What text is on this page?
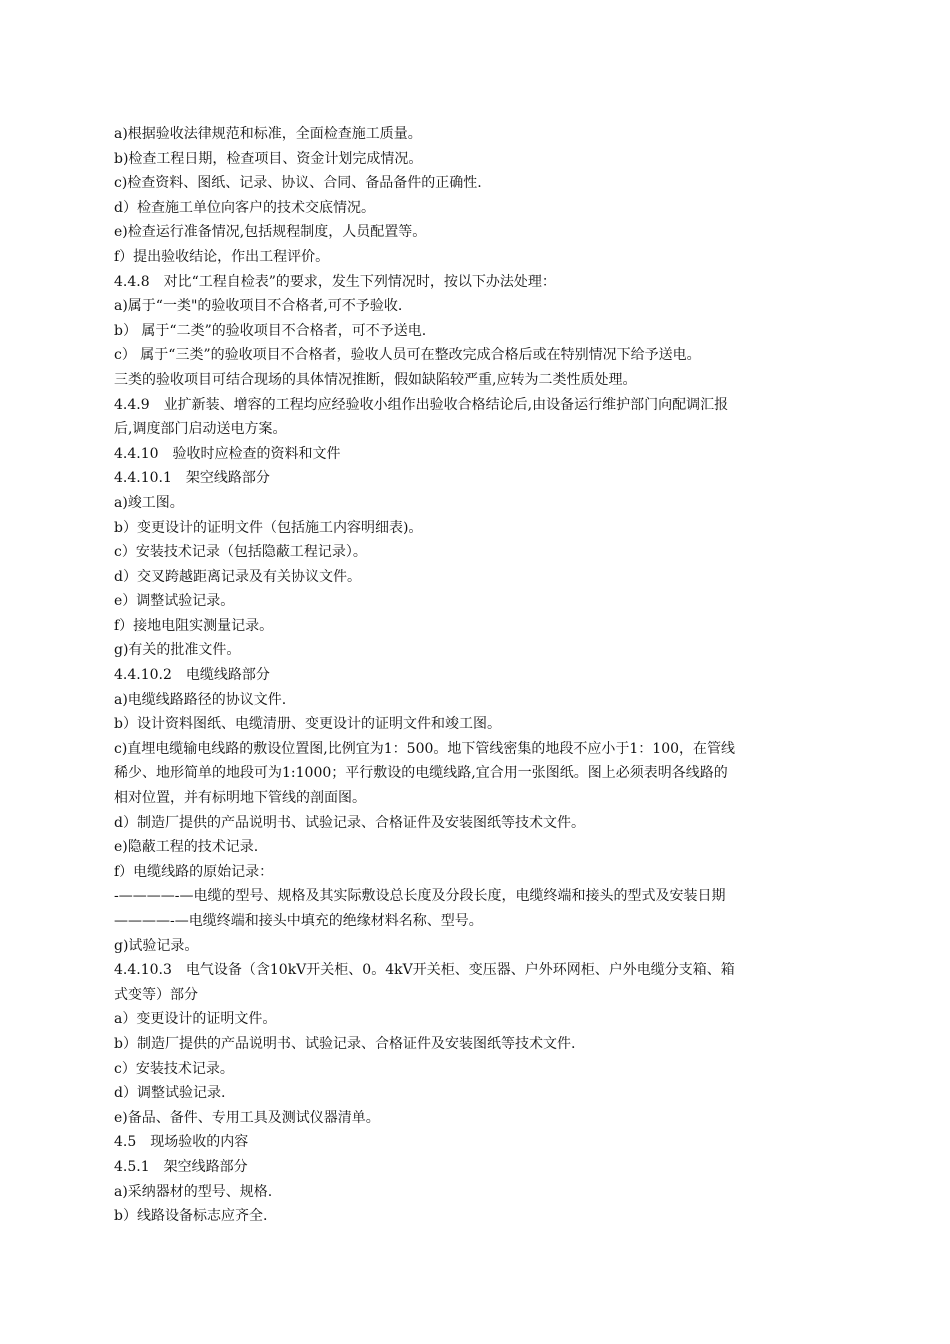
a)根据验收法律规范和标准，全面检查施工质量。
b)检查工程日期，检查项目、资金计划完成情况。
c)检查资料、图纸、记录、协议、合同、备品备件的正确性.
d）检查施工单位向客户的技术交底情况。
e)检查运行准备情况,包括规程制度，人员配置等。
f）提出验收结论，作出工程评价。
4.4.8　对比“工程自检表”的要求，发生下列情况时，按以下办法处理：
a)属于“一类"的验收项目不合格者,可不予验收.
b） 属于“二类”的验收项目不合格者，可不予送电.
c） 属于“三类”的验收项目不合格者，验收人员可在整改完成合格后或在特别情况下给予送电。
三类的验收项目可结合现场的具体情况推断，假如缺陷较严重,应转为二类性质处理。
4.4.9　业扩新装、增容的工程均应经验收小组作出验收合格结论后,由设备运行维护部门向配调汇报
后,调度部门启动送电方案。
4.4.10　验收时应检查的资料和文件
4.4.10.1　架空线路部分
a)竣工图。
b）变更设计的证明文件（包括施工内容明细表)。
c）安装技术记录（包括隐蔽工程记录）。
d）交叉跨越距离记录及有关协议文件。
e）调整试验记录。
f）接地电阻实测量记录。
g)有关的批准文件。
4.4.10.2　电缆线路部分
a)电缆线路路径的协议文件.
b）设计资料图纸、电缆清册、变更设计的证明文件和竣工图。
c)直埋电缆输电线路的敷设位置图,比例宜为1：500。地下管线密集的地段不应小于1：100，在管线
稀少、地形简单的地段可为1:1000；平行敷设的电缆线路,宜合用一张图纸。图上必须表明各线路的
相对位置，并有标明地下管线的剖面图。
d）制造厂提供的产品说明书、试验记录、合格证件及安装图纸等技术文件。
e)隐蔽工程的技术记录.
f）电缆线路的原始记录：
-————-—电缆的型号、规格及其实际敷设总长度及分段长度，电缆终端和接头的型式及安装日期
————-—电缆终端和接头中填充的绝缘材料名称、型号。
g)试验记录。
4.4.10.3　电气设备（含10kV开关柜、0。4kV开关柜、变压器、户外环网柜、户外电缆分支箱、箱
式变等）部分
a）变更设计的证明文件。
b）制造厂提供的产品说明书、试验记录、合格证件及安装图纸等技术文件.
c）安装技术记录。
d）调整试验记录.
e)备品、备件、专用工具及测试仪器清单。
4.5　现场验收的内容
4.5.1　架空线路部分
a)采纳器材的型号、规格.
b）线路设备标志应齐全.
